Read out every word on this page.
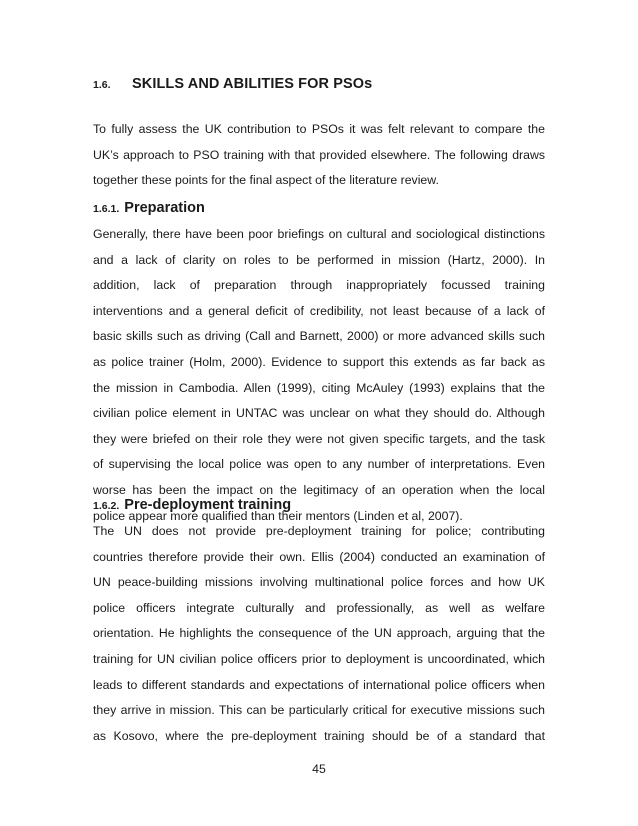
1.6.	SKILLS AND ABILITIES FOR PSOs
To fully assess the UK contribution to PSOs it was felt relevant to compare the
UK’s approach to PSO training with that provided elsewhere. The following draws
together these points for the final aspect of the literature review.
1.6.1. Preparation
Generally, there have been poor briefings on cultural and sociological distinctions
and a lack of clarity on roles to be performed in mission (Hartz, 2000). In
addition, lack of preparation through inappropriately focussed training
interventions and a general deficit of credibility, not least because of a lack of
basic skills such as driving (Call and Barnett, 2000) or more advanced skills such
as police trainer (Holm, 2000). Evidence to support this extends as far back as
the mission in Cambodia. Allen (1999), citing McAuley (1993) explains that the
civilian police element in UNTAC was unclear on what they should do. Although
they were briefed on their role they were not given specific targets, and the task
of supervising the local police was open to any number of interpretations. Even
worse has been the impact on the legitimacy of an operation when the local
police appear more qualified than their mentors (Linden et al, 2007).
1.6.2. Pre-deployment training
The UN does not provide pre-deployment training for police; contributing
countries therefore provide their own. Ellis (2004) conducted an examination of
UN peace-building missions involving multinational police forces and how UK
police officers integrate culturally and professionally, as well as welfare
orientation. He highlights the consequence of the UN approach, arguing that the
training for UN civilian police officers prior to deployment is uncoordinated, which
leads to different standards and expectations of international police officers when
they arrive in mission. This can be particularly critical for executive missions such
as Kosovo, where the pre-deployment training should be of a standard that
45
